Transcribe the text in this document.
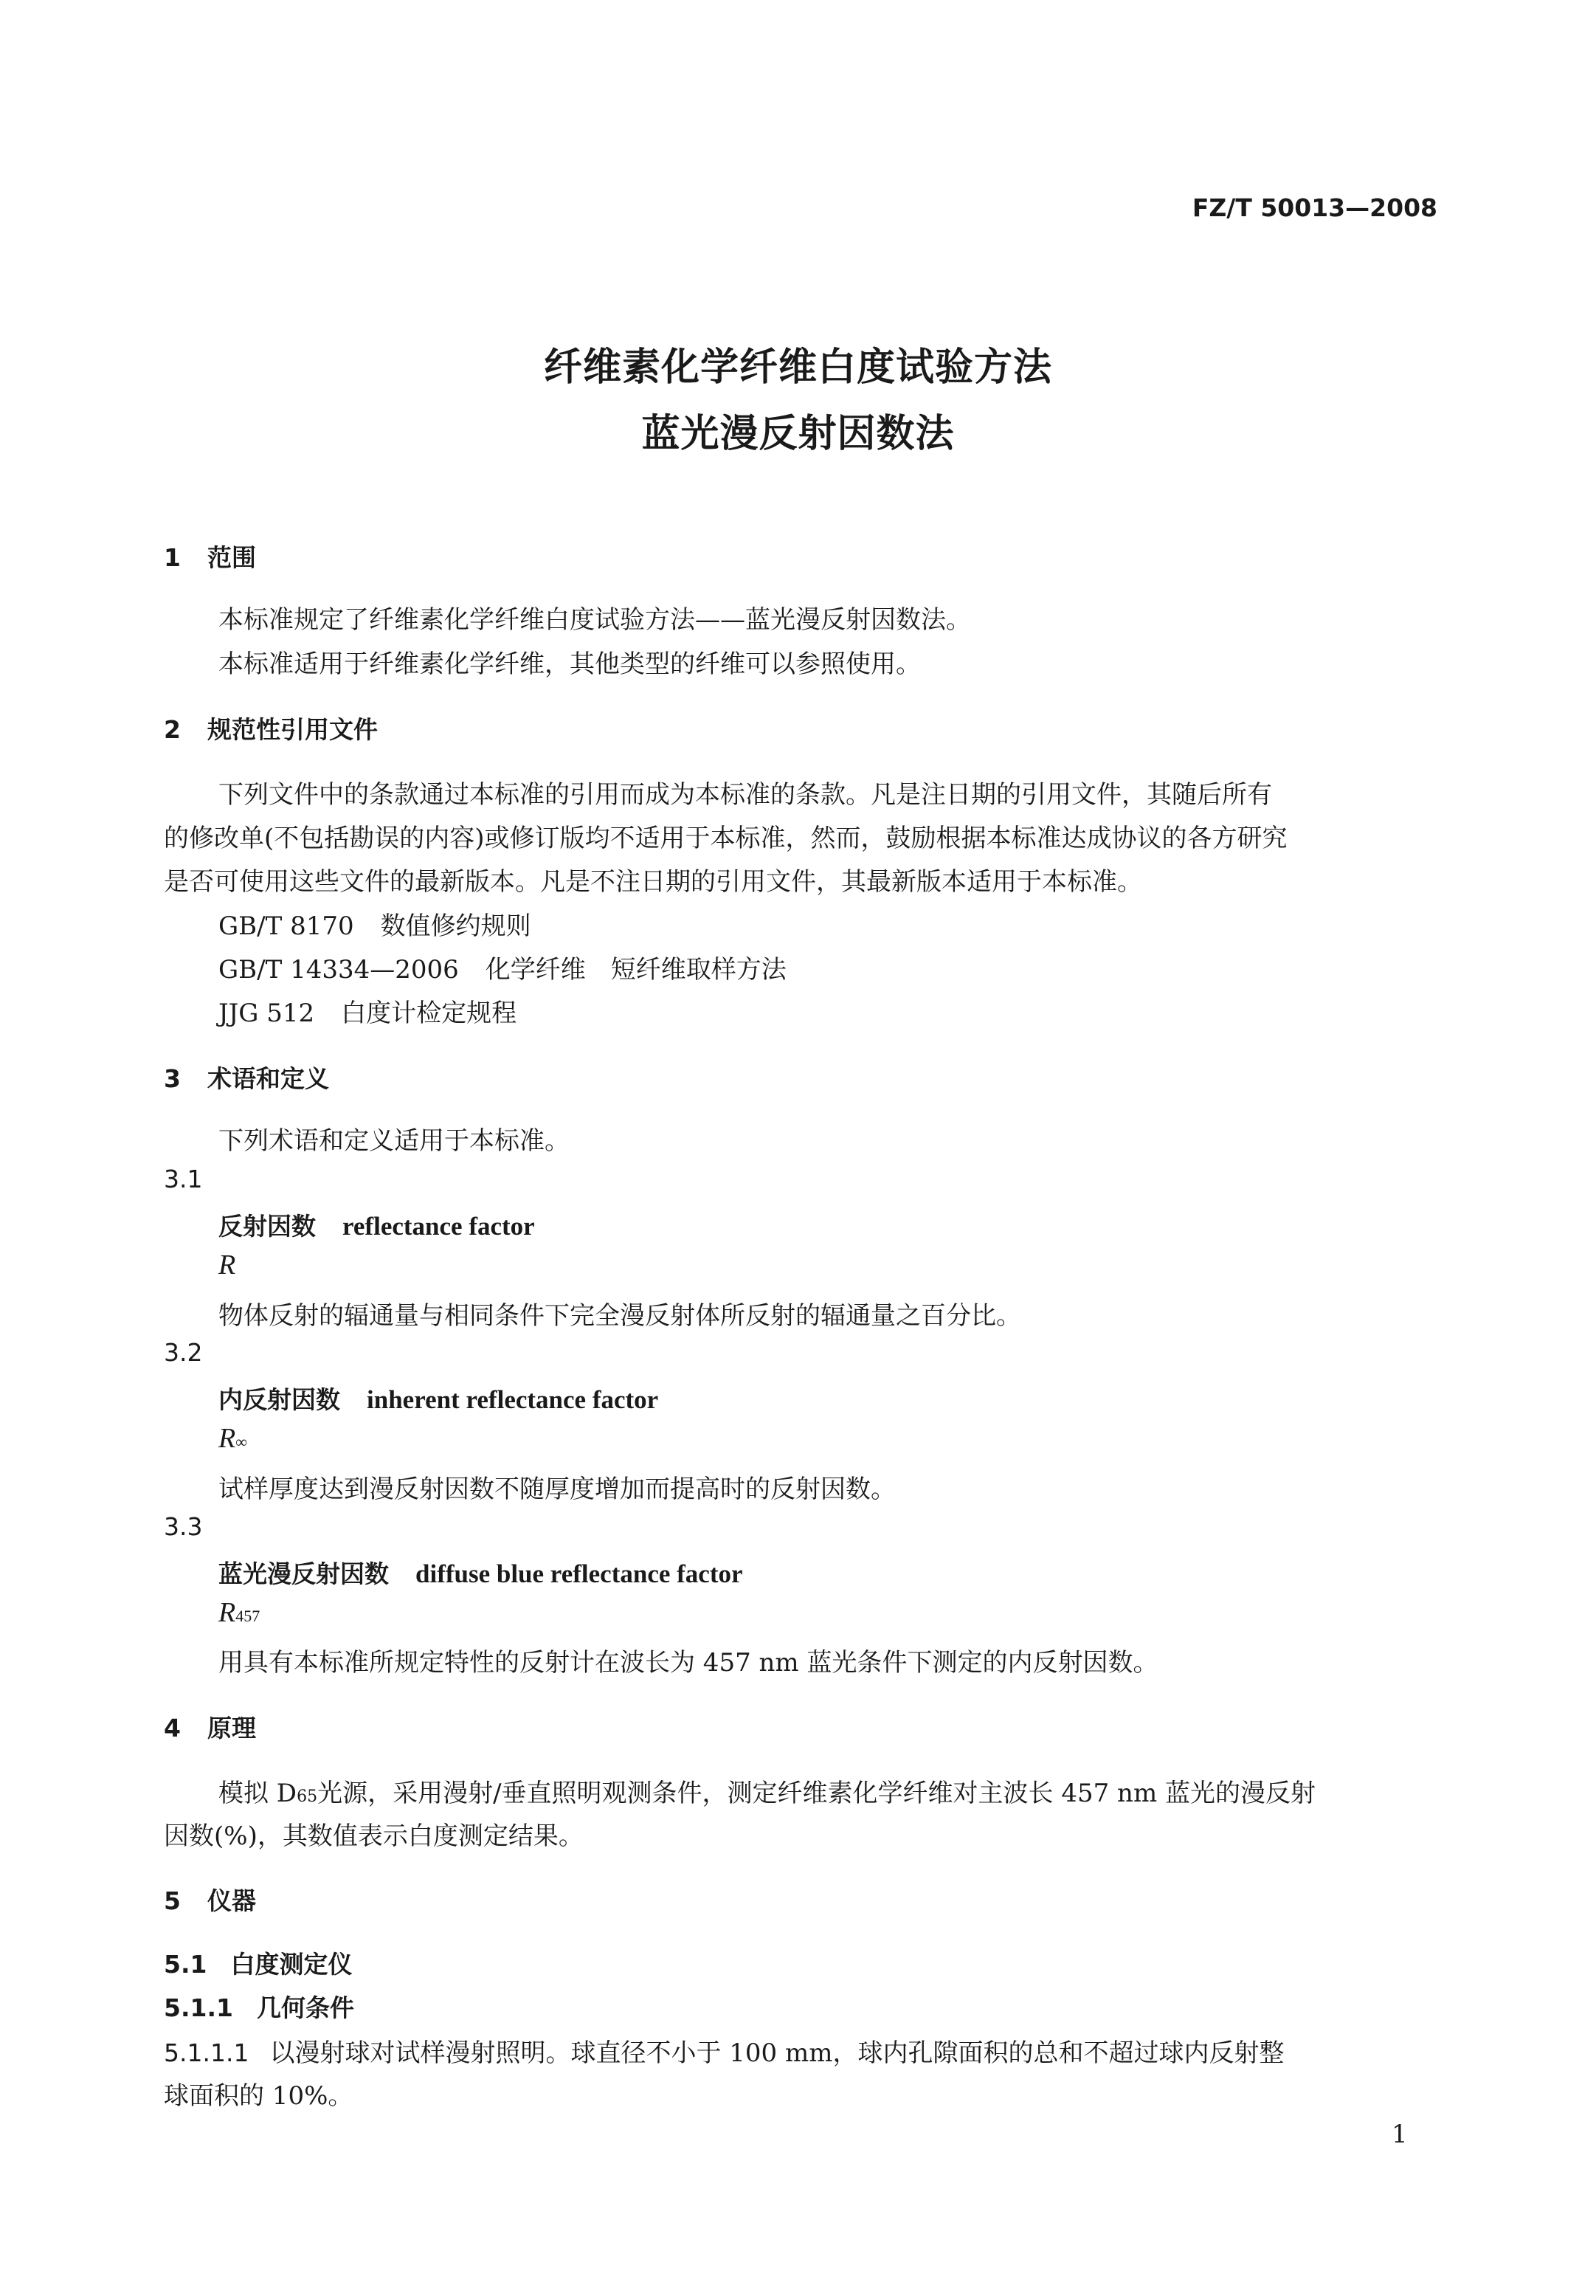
FZ/T 50013—2008
纤维素化学纤维白度试验方法
蓝光漫反射因数法
1 范围
本标准规定了纤维素化学纤维白度试验方法——蓝光漫反射因数法。
本标准适用于纤维素化学纤维，其他类型的纤维可以参照使用。
2 规范性引用文件
下列文件中的条款通过本标准的引用而成为本标准的条款。凡是注日期的引用文件，其随后所有
的修改单(不包括勘误的内容)或修订版均不适用于本标准，然而，鼓励根据本标准达成协议的各方研究
是否可使用这些文件的最新版本。凡是不注日期的引用文件，其最新版本适用于本标准。
GB/T 8170 数值修约规则
GB/T 14334—2006 化学纤维　短纤维取样方法
JJG 512 白度计检定规程
3 术语和定义
下列术语和定义适用于本标准。
3.1
反射因数 reflectance factor
R
物体反射的辐通量与相同条件下完全漫反射体所反射的辐通量之百分比。
3.2
内反射因数 inherent reflectance factor
R∞
试样厚度达到漫反射因数不随厚度增加而提高时的反射因数。
3.3
蓝光漫反射因数 diffuse blue reflectance factor
R457
用具有本标准所规定特性的反射计在波长为 457 nm 蓝光条件下测定的内反射因数。
4 原理
模拟 D65光源，采用漫射/垂直照明观测条件，测定纤维素化学纤维对主波长 457 nm 蓝光的漫反射
因数(%)，其数值表示白度测定结果。
5 仪器
5.1 白度测定仪
5.1.1 几何条件
5.1.1.1 以漫射球对试样漫射照明。球直径不小于 100 mm，球内孔隙面积的总和不超过球内反射整
球面积的 10%。
1
